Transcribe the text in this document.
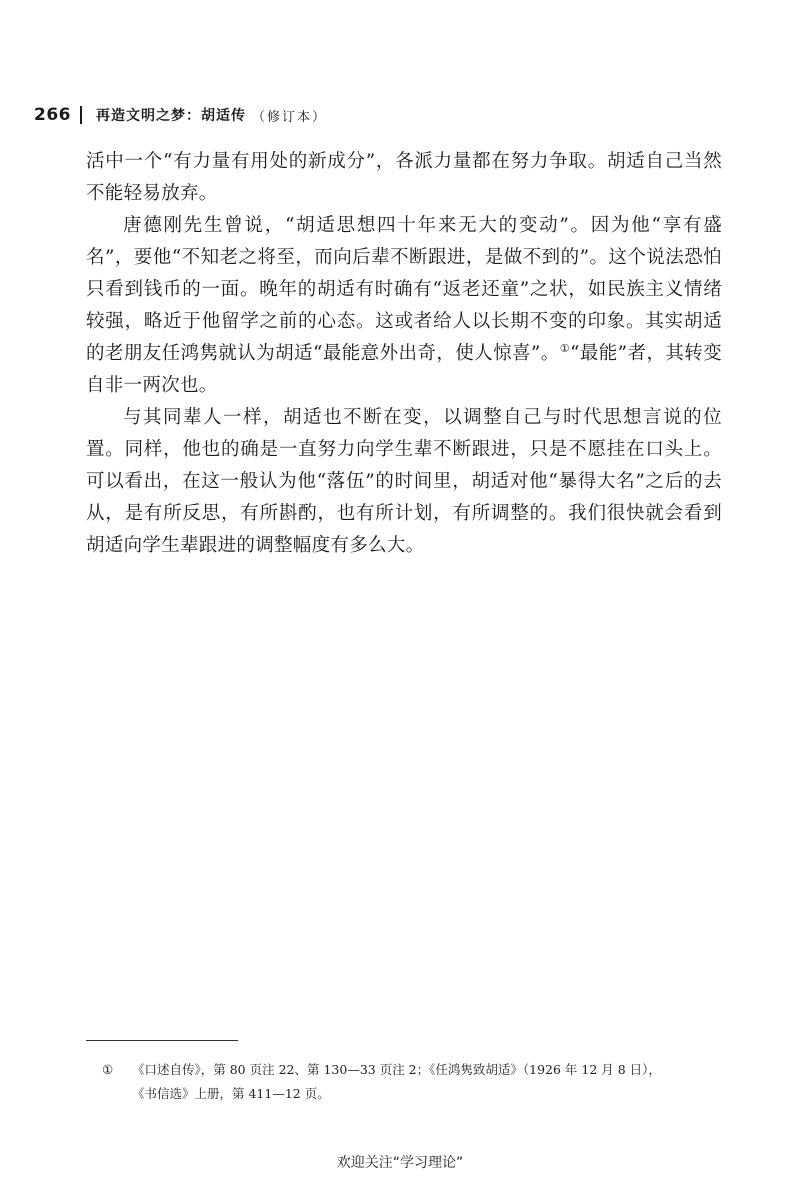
266 再造文明之梦：胡适传 （修订本）

活中一个“有力量有用处的新成分”，各派力量都在努力争取。胡适自己当然不能轻易放弃。

唐德刚先生曾说，“胡适思想四十年来无大的变动”。因为他“享有盛名”，要他“不知老之将至，而向后辈不断跟进，是做不到的”。这个说法恐怕只看到钱币的一面。晚年的胡适有时确有“返老还童”之状，如民族主义情绪较强，略近于他留学之前的心态。这或者给人以长期不变的印象。其实胡适的老朋友任鸿隽就认为胡适“最能意外出奇，使人惊喜”。①“最能”者，其转变自非一两次也。

与其同辈人一样，胡适也不断在变，以调整自己与时代思想言说的位置。同样，他也的确是一直努力向学生辈不断跟进，只是不愿挂在口头上。可以看出，在这一般认为他“落伍”的时间里，胡适对他“暴得大名”之后的去从，是有所反思，有所斟酌，也有所计划，有所调整的。我们很快就会看到胡适向学生辈跟进的调整幅度有多么大。

① 《口述自传》，第 80 页注 22、第 130—33 页注 2；《任鸿隽致胡适》（1926 年 12 月 8 日），
《书信选》上册，第 411—12 页。
欢迎关注“学习理论”
